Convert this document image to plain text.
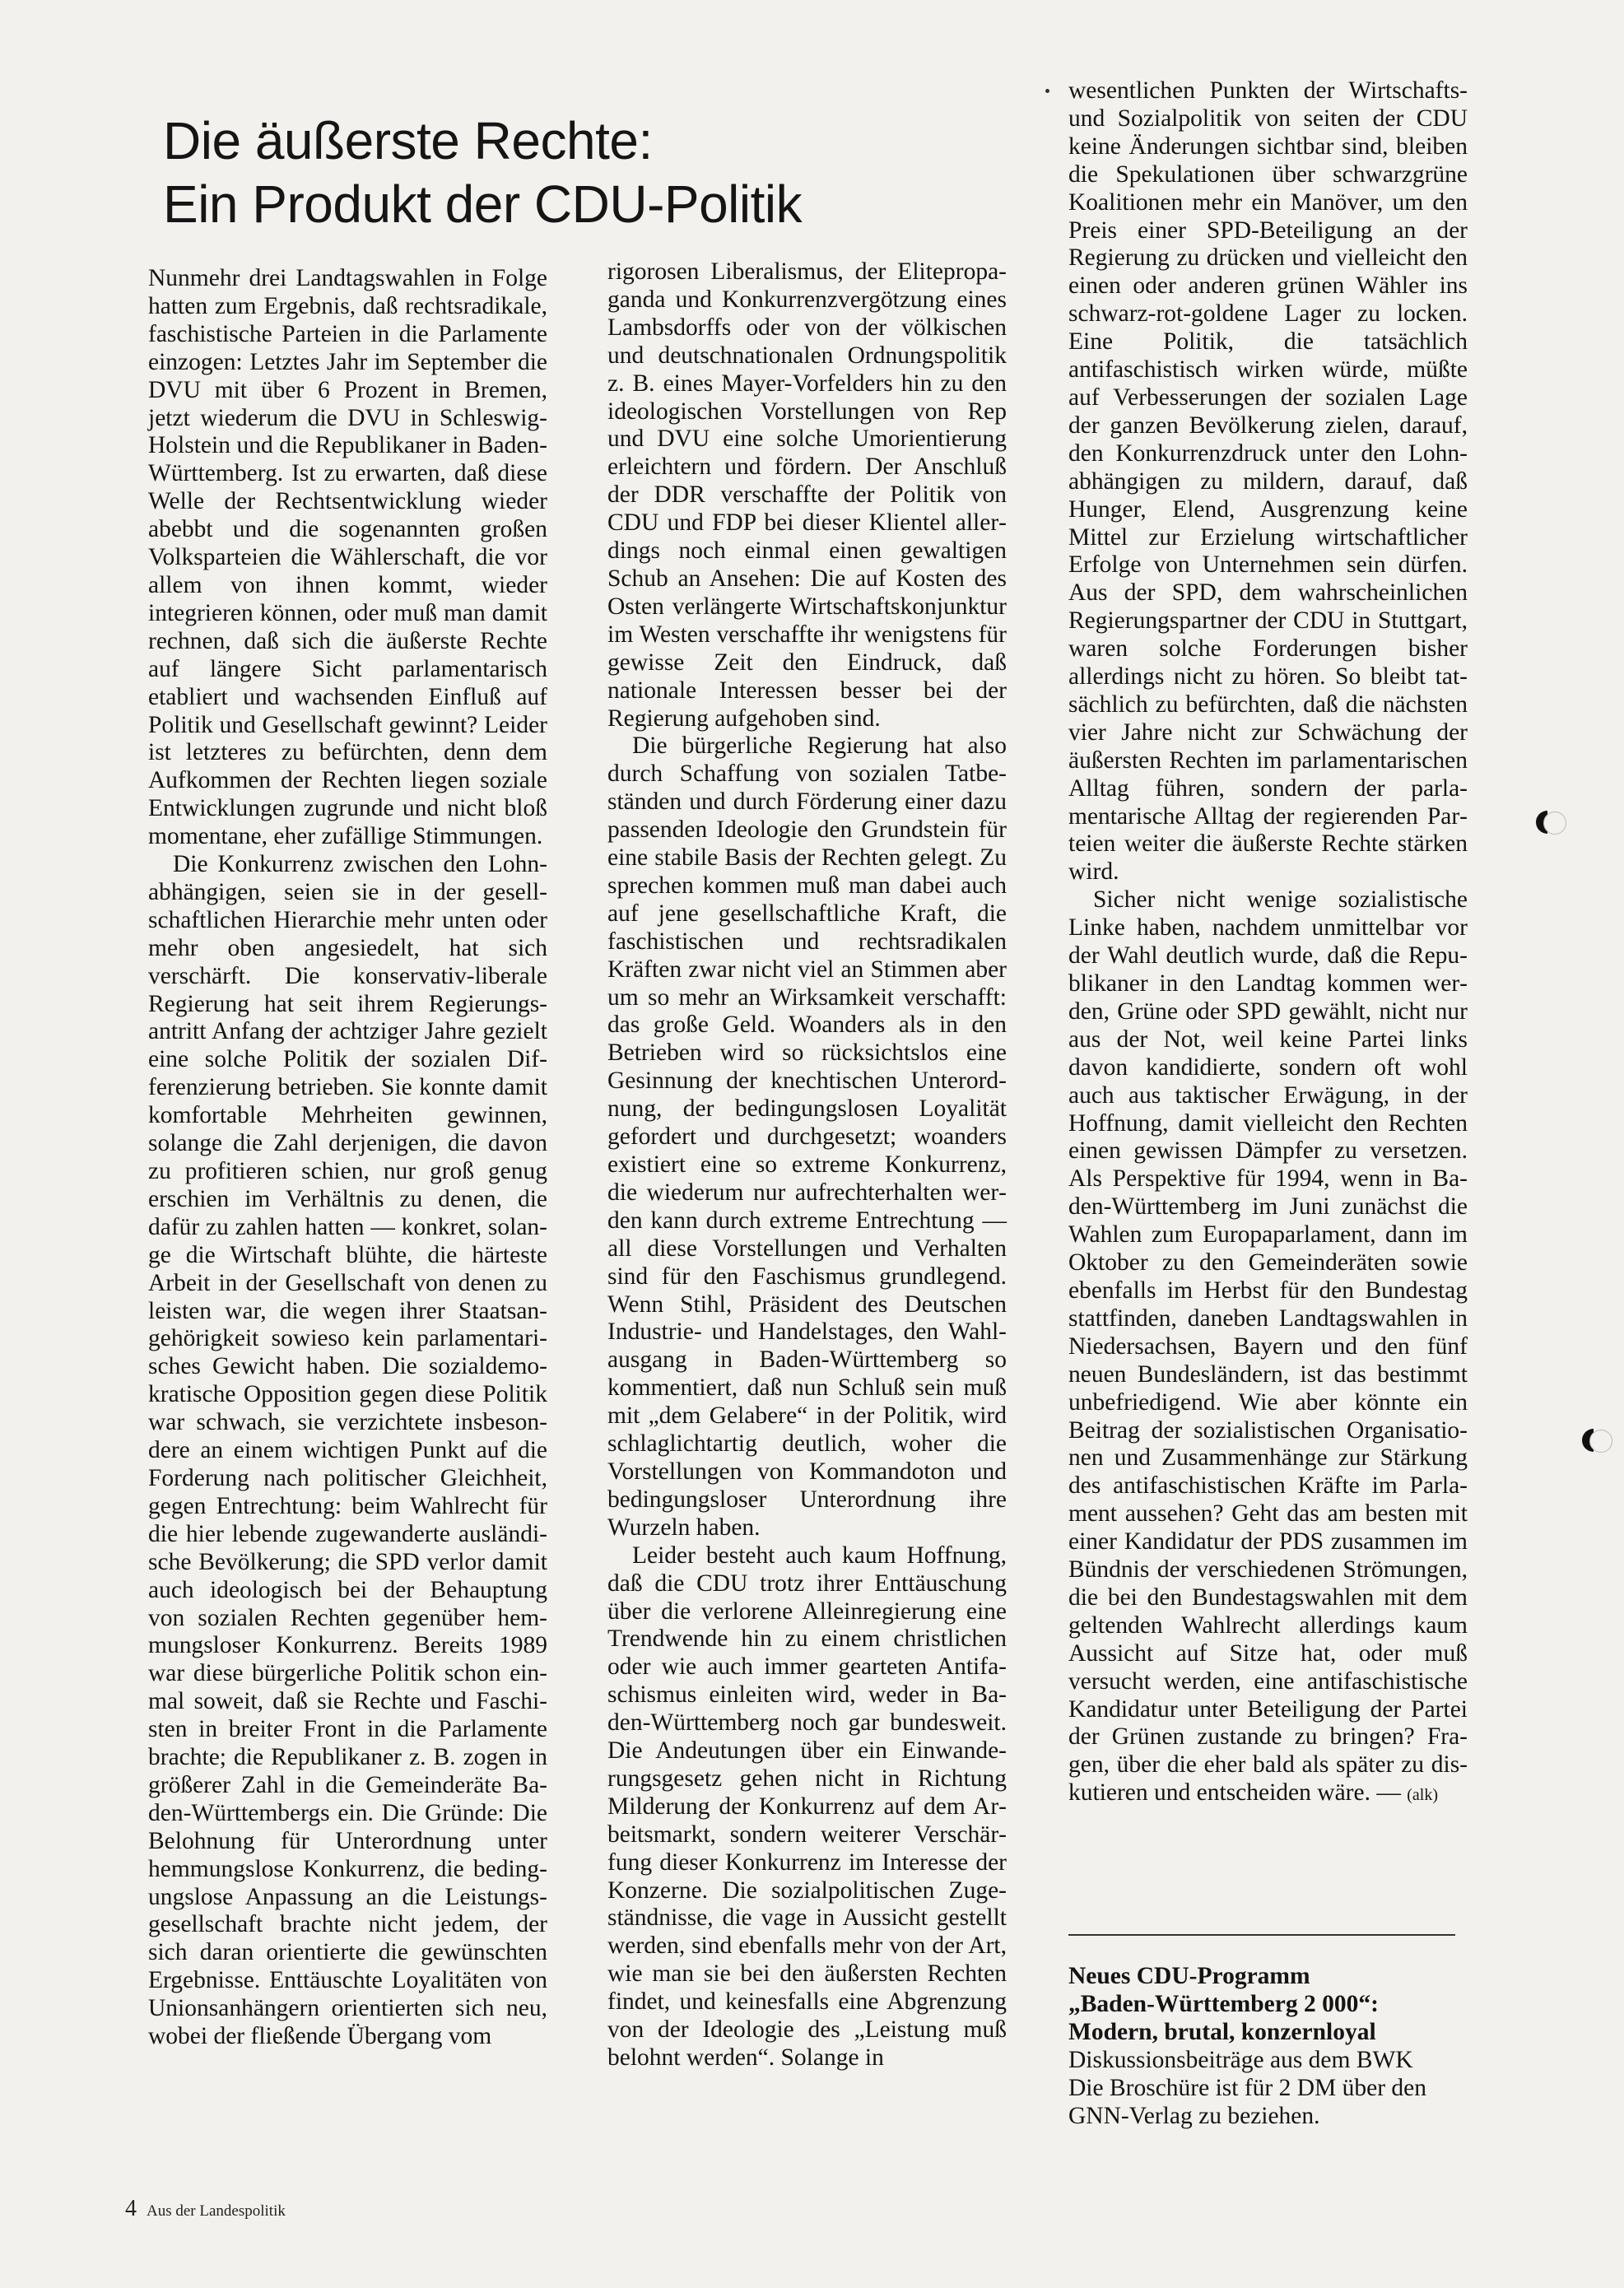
Die äußerste Rechte:
Ein Produkt der CDU-Politik

Nunmehr drei Landtagswahlen in Folge hatten zum Ergebnis, daß rechtsradikale, faschistische Parteien in die Parlamente einzogen: Letztes Jahr im September die DVU mit über 6 Prozent in Bremen, jetzt wiederum die DVU in Schleswig-Holstein und die Republikaner in Baden-Württemberg. Ist zu erwarten, daß diese Welle der Rechtsentwicklung wieder abebbt und die sogenannten großen Volksparteien die Wählerschaft, die vor allem von ihnen kommt, wieder integrieren können, oder muß man damit rechnen, daß sich die äußerste Rechte auf längere Sicht parlamentarisch etabliert und wachsenden Einfluß auf Politik und Gesellschaft gewinnt? Leider ist letzteres zu befürchten, denn dem Aufkommen der Rechten liegen soziale Entwicklungen zugrunde und nicht bloß momentane, eher zufällige Stimmungen.

Die Konkurrenz zwischen den Lohnabhängigen, seien sie in der gesellschaftlichen Hierarchie mehr unten oder mehr oben angesiedelt, hat sich verschärft. Die konservativ-liberale Regierung hat seit ihrem Regierungsantritt Anfang der achtziger Jahre gezielt eine solche Politik der sozialen Differenzierung betrieben. Sie konnte damit komfortable Mehrheiten gewinnen, solange die Zahl derjenigen, die davon zu profitieren schien, nur groß genug erschien im Verhältnis zu denen, die dafür zu zahlen hatten — konkret, solange die Wirtschaft blühte, die härteste Arbeit in der Gesellschaft von denen zu leisten war, die wegen ihrer Staatsangehörigkeit sowieso kein parlamentarisches Gewicht haben. Die sozialdemokratische Opposition gegen diese Politik war schwach, sie verzichtete insbesondere an einem wichtigen Punkt auf die Forderung nach politischer Gleichheit, gegen Entrechtung: beim Wahlrecht für die hier lebende zugewanderte ausländische Bevölkerung; die SPD verlor damit auch ideologisch bei der Behauptung von sozialen Rechten gegenüber hemmungsloser Konkurrenz. Bereits 1989 war diese bürgerliche Politik schon einmal soweit, daß sie Rechte und Faschisten in breiter Front in die Parlamente brachte; die Republikaner z. B. zogen in größerer Zahl in die Gemeinderäte Baden-Württembergs ein. Die Gründe: Die Belohnung für Unterordnung unter hemmungslose Konkurrenz, die bedingungslose Anpassung an die Leistungsgesellschaft brachte nicht jedem, der sich daran orientierte die gewünschten Ergebnisse. Enttäuschte Loyalitäten von Unionsanhängern orientierten sich neu, wobei der fließende Übergang vom

rigorosen Liberalismus, der Elitepropaganda und Konkurrenzvergötzung eines Lambsdorffs oder von der völkischen und deutschnationalen Ordnungspolitik z. B. eines Mayer-Vorfelders hin zu den ideologischen Vorstellungen von Rep und DVU eine solche Umorientierung erleichtern und fördern. Der Anschluß der DDR verschaffte der Politik von CDU und FDP bei dieser Klientel allerdings noch einmal einen gewaltigen Schub an Ansehen: Die auf Kosten des Osten verlängerte Wirtschaftskonjunktur im Westen verschaffte ihr wenigstens für gewisse Zeit den Eindruck, daß nationale Interessen besser bei der Regierung aufgehoben sind.

Die bürgerliche Regierung hat also durch Schaffung von sozialen Tatbeständen und durch Förderung einer dazu passenden Ideologie den Grundstein für eine stabile Basis der Rechten gelegt. Zu sprechen kommen muß man dabei auch auf jene gesellschaftliche Kraft, die faschistischen und rechtsradikalen Kräften zwar nicht viel an Stimmen aber um so mehr an Wirksamkeit verschafft: das große Geld. Woanders als in den Betrieben wird so rücksichtslos eine Gesinnung der knechtischen Unterordnung, der bedingungslosen Loyalität gefordert und durchgesetzt; woanders existiert eine so extreme Konkurrenz, die wiederum nur aufrechterhalten werden kann durch extreme Entrechtung — all diese Vorstellungen und Verhalten sind für den Faschismus grundlegend. Wenn Stihl, Präsident des Deutschen Industrie- und Handelstages, den Wahlausgang in Baden-Württemberg so kommentiert, daß nun Schluß sein muß mit „dem Gelabere“ in der Politik, wird schlaglichtartig deutlich, woher die Vorstellungen von Kommandoton und bedingungsloser Unterordnung ihre Wurzeln haben.

Leider besteht auch kaum Hoffnung, daß die CDU trotz ihrer Enttäuschung über die verlorene Alleinregierung eine Trendwende hin zu einem christlichen oder wie auch immer gearteten Antifaschismus einleiten wird, weder in Baden-Württemberg noch gar bundesweit. Die Andeutungen über ein Einwanderungsgesetz gehen nicht in Richtung Milderung der Konkurrenz auf dem Arbeitsmarkt, sondern weiterer Verschärfung dieser Konkurrenz im Interesse der Konzerne. Die sozialpolitischen Zugeständnisse, die vage in Aussicht gestellt werden, sind ebenfalls mehr von der Art, wie man sie bei den äußersten Rechten findet, und keinesfalls eine Abgrenzung von der Ideologie des „Leistung muß belohnt werden“. Solange in

wesentlichen Punkten der Wirtschafts- und Sozialpolitik von seiten der CDU keine Änderungen sichtbar sind, bleiben die Spekulationen über schwarzgrüne Koalitionen mehr ein Manöver, um den Preis einer SPD-Beteiligung an der Regierung zu drücken und vielleicht den einen oder anderen grünen Wähler ins schwarz-rot-goldene Lager zu locken. Eine Politik, die tatsächlich antifaschistisch wirken würde, müßte auf Verbesserungen der sozialen Lage der ganzen Bevölkerung zielen, darauf, den Konkurrenzdruck unter den Lohnabhängigen zu mildern, darauf, daß Hunger, Elend, Ausgrenzung keine Mittel zur Erzielung wirtschaftlicher Erfolge von Unternehmen sein dürfen. Aus der SPD, dem wahrscheinlichen Regierungspartner der CDU in Stuttgart, waren solche Forderungen bisher allerdings nicht zu hören. So bleibt tatsächlich zu befürchten, daß die nächsten vier Jahre nicht zur Schwächung der äußersten Rechten im parlamentarischen Alltag führen, sondern der parlamentarische Alltag der regierenden Parteien weiter die äußerste Rechte stärken wird.

Sicher nicht wenige sozialistische Linke haben, nachdem unmittelbar vor der Wahl deutlich wurde, daß die Republikaner in den Landtag kommen werden, Grüne oder SPD gewählt, nicht nur aus der Not, weil keine Partei links davon kandidierte, sondern oft wohl auch aus taktischer Erwägung, in der Hoffnung, damit vielleicht den Rechten einen gewissen Dämpfer zu versetzen. Als Perspektive für 1994, wenn in Baden-Württemberg im Juni zunächst die Wahlen zum Europaparlament, dann im Oktober zu den Gemeinderäten sowie ebenfalls im Herbst für den Bundestag stattfinden, daneben Landtagswahlen in Niedersachsen, Bayern und den fünf neuen Bundesländern, ist das bestimmt unbefriedigend. Wie aber könnte ein Beitrag der sozialistischen Organisationen und Zusammenhänge zur Stärkung des antifaschistischen Kräfte im Parlament aussehen? Geht das am besten mit einer Kandidatur der PDS zusammen im Bündnis der verschiedenen Strömungen, die bei den Bundestagswahlen mit dem geltenden Wahlrecht allerdings kaum Aussicht auf Sitze hat, oder muß versucht werden, eine antifaschistische Kandidatur unter Beteiligung der Partei der Grünen zustande zu bringen? Fragen, über die eher bald als später zu diskutieren und entscheiden wäre. — (alk)

Neues CDU-Programm
„Baden-Württemberg 2 000“:
Modern, brutal, konzernloyal
Diskussionsbeiträge aus dem BWK
Die Broschüre ist für 2 DM über den GNN-Verlag zu beziehen.
4 Aus der Landespolitik
